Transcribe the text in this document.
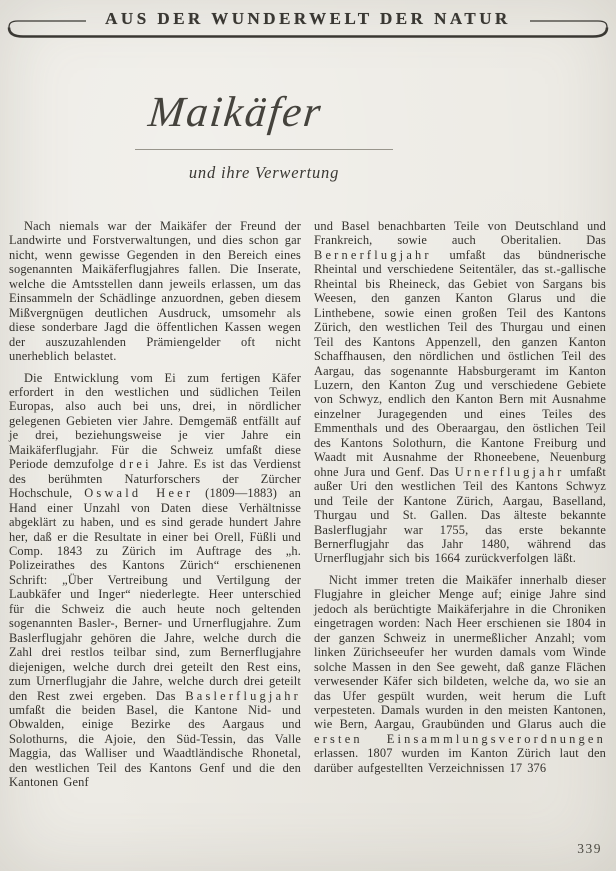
AUS DER WUNDERWELT DER NATUR
Maikäfer
und ihre Verwertung

Nach niemals war der Maikäfer der Freund der Landwirte und Forstverwaltungen, und dies schon gar nicht, wenn gewisse Gegenden in den Bereich eines sogenannten Maikäferflugjahres fallen. Die Inserate, welche die Amtsstellen dann jeweils erlassen, um das Einsammeln der Schädlinge anzuordnen, geben diesem Mißvergnügen deutlichen Ausdruck, umsomehr als diese sonderbare Jagd die öffentlichen Kassen wegen der auszuzahlenden Prämiengelder oft nicht unerheblich belastet.

Die Entwicklung vom Ei zum fertigen Käfer erfordert in den westlichen und südlichen Teilen Europas, also auch bei uns, drei, in nördlicher gelegenen Gebieten vier Jahre. Demgemäß entfällt auf je drei, beziehungsweise je vier Jahre ein Maikäferflugjahr. Für die Schweiz umfaßt diese Periode demzufolge drei Jahre. Es ist das Verdienst des berühmten Naturforschers der Zürcher Hochschule, Oswald Heer (1809—1883) an Hand einer Unzahl von Daten diese Verhältnisse abgeklärt zu haben, und es sind gerade hundert Jahre her, daß er die Resultate in einer bei Orell, Füßli und Comp. 1843 zu Zürich im Auftrage des „h. Polizeirathes des Kantons Zürich“ erschienenen Schrift: „Über Vertreibung und Vertilgung der Laubkäfer und Inger“ niederlegte. Heer unterschied für die Schweiz die auch heute noch geltenden sogenannten Basler-, Berner- und Urnerflugjahre. Zum Baslerflugjahr gehören die Jahre, welche durch die Zahl drei restlos teilbar sind, zum Bernerflugjahre diejenigen, welche durch drei geteilt den Rest eins, zum Urnerflugjahr die Jahre, welche durch drei geteilt den Rest zwei ergeben. Das Baslerflugjahr umfaßt die beiden Basel, die Kantone Nid- und Obwalden, einige Bezirke des Aargaus und Solothurns, die Ajoie, den Süd-Tessin, das Valle Maggia, das Walliser und Waadtländische Rhonetal, den westlichen Teil des Kantons Genf und die den Kantonen Genf

und Basel benachbarten Teile von Deutschland und Frankreich, sowie auch Oberitalien. Das Bernerflugjahr umfaßt das bündnerische Rheintal und verschiedene Seitentäler, das st.-gallische Rheintal bis Rheineck, das Gebiet von Sargans bis Weesen, den ganzen Kanton Glarus und die Linthebene, sowie einen großen Teil des Kantons Zürich, den westlichen Teil des Thurgau und einen Teil des Kantons Appenzell, den ganzen Kanton Schaffhausen, den nördlichen und östlichen Teil des Aargau, das sogenannte Habsburgeramt im Kanton Luzern, den Kanton Zug und verschiedene Gebiete von Schwyz, endlich den Kanton Bern mit Ausnahme einzelner Juragegenden und eines Teiles des Emmenthals und des Oberaargau, den östlichen Teil des Kantons Solothurn, die Kantone Freiburg und Waadt mit Ausnahme der Rhoneebene, Neuenburg ohne Jura und Genf. Das Urnerflugjahr umfaßt außer Uri den westlichen Teil des Kantons Schwyz und Teile der Kantone Zürich, Aargau, Baselland, Thurgau und St. Gallen. Das älteste bekannte Baslerflugjahr war 1755, das erste bekannte Bernerflugjahr das Jahr 1480, während das Urnerflugjahr sich bis 1664 zurückverfolgen läßt.

Nicht immer treten die Maikäfer innerhalb dieser Flugjahre in gleicher Menge auf; einige Jahre sind jedoch als berüchtigte Maikäferjahre in die Chroniken eingetragen worden: Nach Heer erschienen sie 1804 in der ganzen Schweiz in unermeßlicher Anzahl; vom linken Zürichseeufer her wurden damals vom Winde solche Massen in den See geweht, daß ganze Flächen verwesender Käfer sich bildeten, welche da, wo sie an das Ufer gespült wurden, weit herum die Luft verpesteten. Damals wurden in den meisten Kantonen, wie Bern, Aargau, Graubünden und Glarus auch die ersten Einsammlungsverordnungen erlassen. 1807 wurden im Kanton Zürich laut den darüber aufgestellten Verzeichnissen 17 376

339
